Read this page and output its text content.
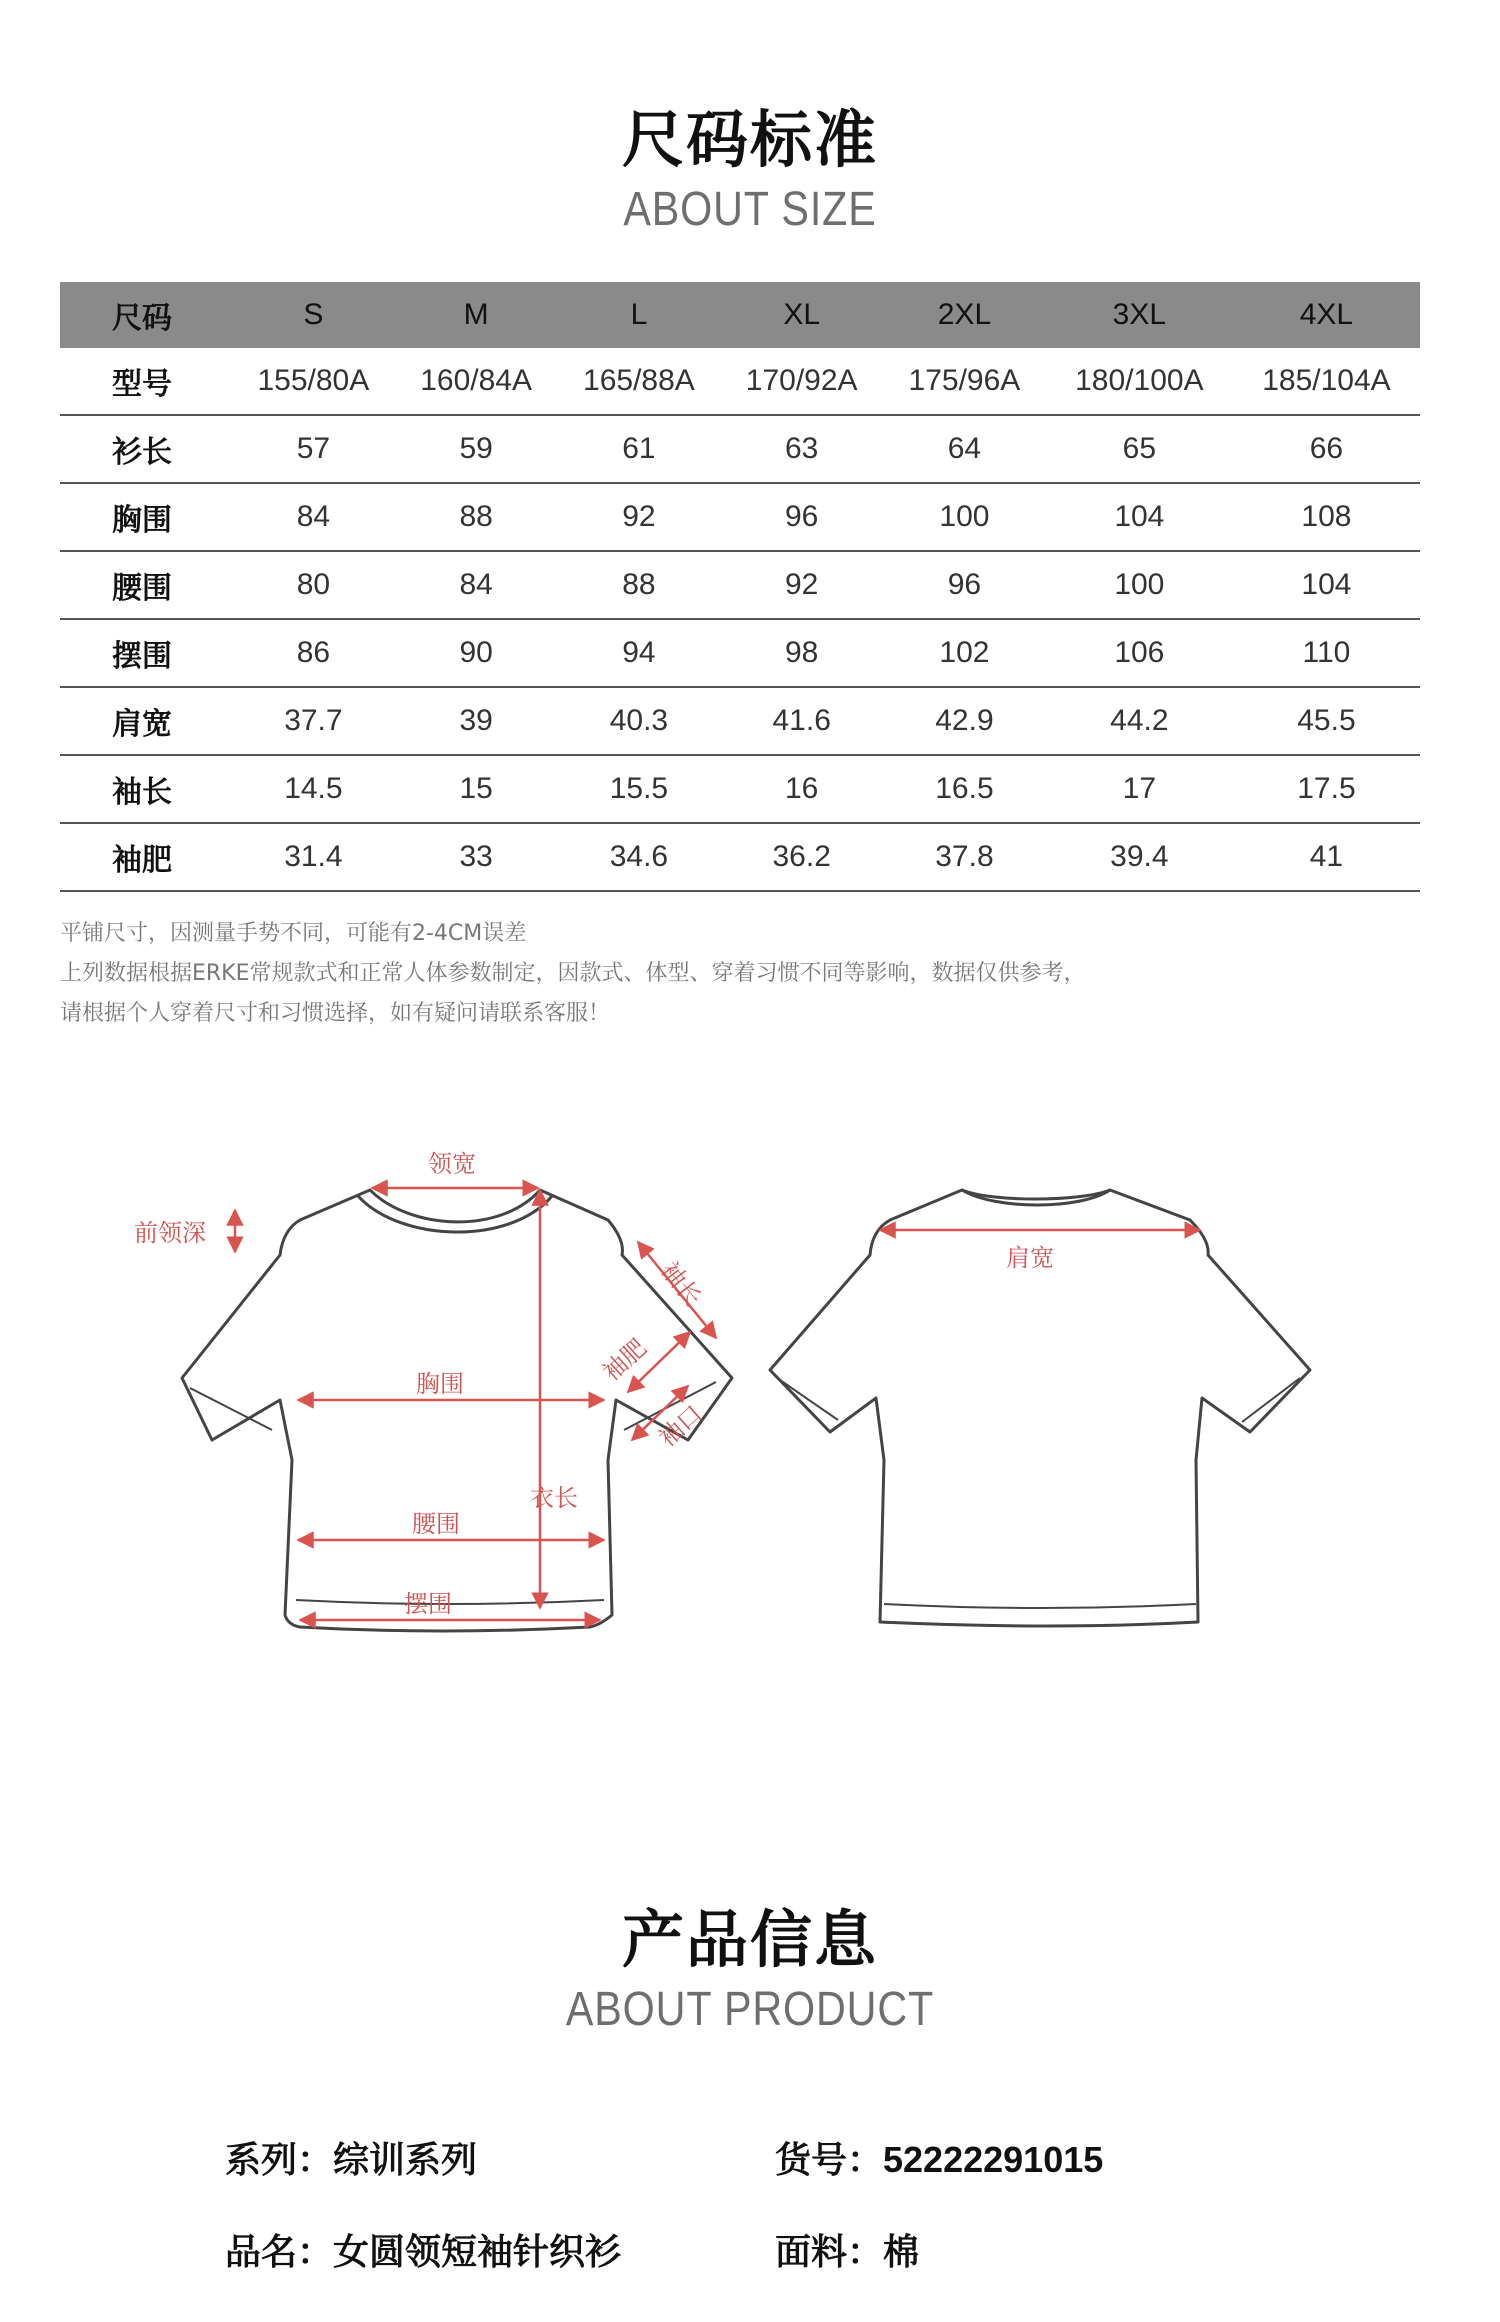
尺码标准
ABOUT SIZE
尺码	S	M	L	XL	2XL	3XL	4XL
型号	155/80A	160/84A	165/88A	170/92A	175/96A	180/100A	185/104A
衫长	57	59	61	63	64	65	66
胸围	84	88	92	96	100	104	108
腰围	80	84	88	92	96	100	104
摆围	86	90	94	98	102	106	110
肩宽	37.7	39	40.3	41.6	42.9	44.2	45.5
袖长	14.5	15	15.5	16	16.5	17	17.5
袖肥	31.4	33	34.6	36.2	37.8	39.4	41
平铺尺寸，因测量手势不同，可能有2-4CM误差
上列数据根据ERKE常规款式和正常人体参数制定，因款式、体型、穿着习惯不同等影响，数据仅供参考，
请根据个人穿着尺寸和习惯选择，如有疑问请联系客服！
领宽
前领深
袖长
袖肥
袖口
胸围
衣长
腰围
摆围
肩宽
产品信息
ABOUT PRODUCT
系列：综训系列	货号：52222291015
品名：女圆领短袖针织衫	面料：棉
